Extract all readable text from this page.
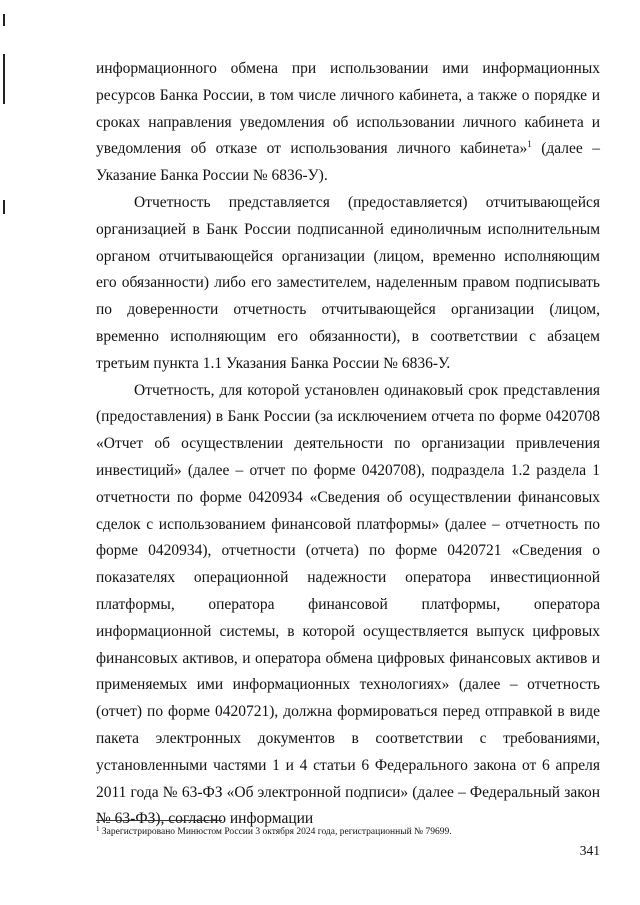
информационного обмена при использовании ими информационных ресурсов Банка России, в том числе личного кабинета, а также о порядке и сроках направления уведомления об использовании личного кабинета и уведомления об отказе от использования личного кабинета»$^1$ (далее – Указание Банка России № 6836-У).

Отчетность представляется (предоставляется) отчитывающейся организацией в Банк России подписанной единоличным исполнительным органом отчитывающейся организации (лицом, временно исполняющим его обязанности) либо его заместителем, наделенным правом подписывать по доверенности отчетность отчитывающейся организации (лицом, временно исполняющим его обязанности), в соответствии с абзацем третьим пункта 1.1 Указания Банка России № 6836-У.

Отчетность, для которой установлен одинаковый срок представления (предоставления) в Банк России (за исключением отчета по форме 0420708 «Отчет об осуществлении деятельности по организации привлечения инвестиций» (далее – отчет по форме 0420708), подраздела 1.2 раздела 1 отчетности по форме 0420934 «Сведения об осуществлении финансовых сделок с использованием финансовой платформы» (далее – отчетность по форме 0420934), отчетности (отчета) по форме 0420721 «Сведения о показателях операционной надежности оператора инвестиционной платформы, оператора финансовой платформы, оператора информационной системы, в которой осуществляется выпуск цифровых финансовых активов, и оператора обмена цифровых финансовых активов и применяемых ими информационных технологиях» (далее – отчетность (отчет) по форме 0420721), должна формироваться перед отправкой в виде пакета электронных документов в соответствии с требованиями, установленными частями 1 и 4 статьи 6 Федерального закона от 6 апреля 2011 года № 63-ФЗ «Об электронной подписи» (далее – Федеральный закон № 63-ФЗ), согласно информации

$^1$ Зарегистрировано Минюстом России 3 октября 2024 года, регистрационный № 79699.
341
